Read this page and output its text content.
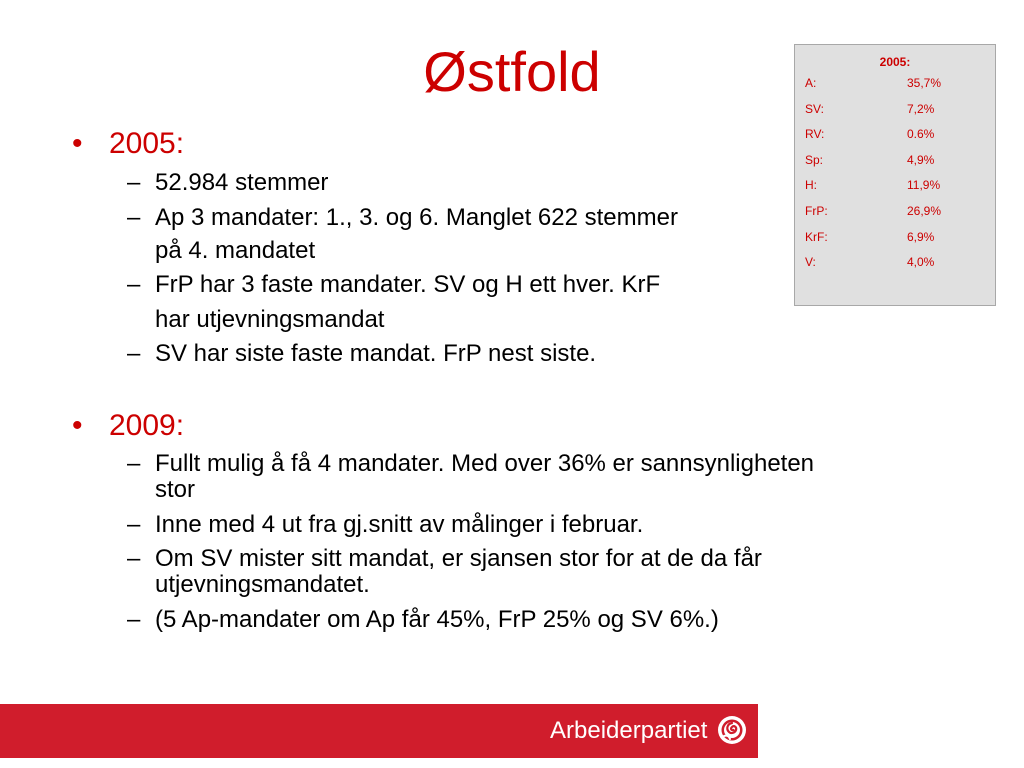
Østfold	2005:
A:	35,7%
SV:	7,2%
RV:	0.6%
Sp:	4,9%
H:	11,9%
FrP:	26,9%
KrF:	6,9%
V:	4,0%
• 2005:
– 52.984 stemmer
– Ap 3 mandater: 1., 3. og 6. Manglet 622 stemmer
på 4. mandatet
– FrP har 3 faste mandater. SV og H ett hver. KrF
har utjevningsmandat
– SV har siste faste mandat. FrP nest siste.
• 2009:
– Fullt mulig å få 4 mandater. Med over 36% er sannsynligheten
stor
– Inne med 4 ut fra gj.snitt av målinger i februar.
– Om SV mister sitt mandat, er sjansen stor for at de da får
utjevningsmandatet.
– (5 Ap-mandater om Ap får 45%, FrP 25% og SV 6%.)
Arbeiderpartiet
